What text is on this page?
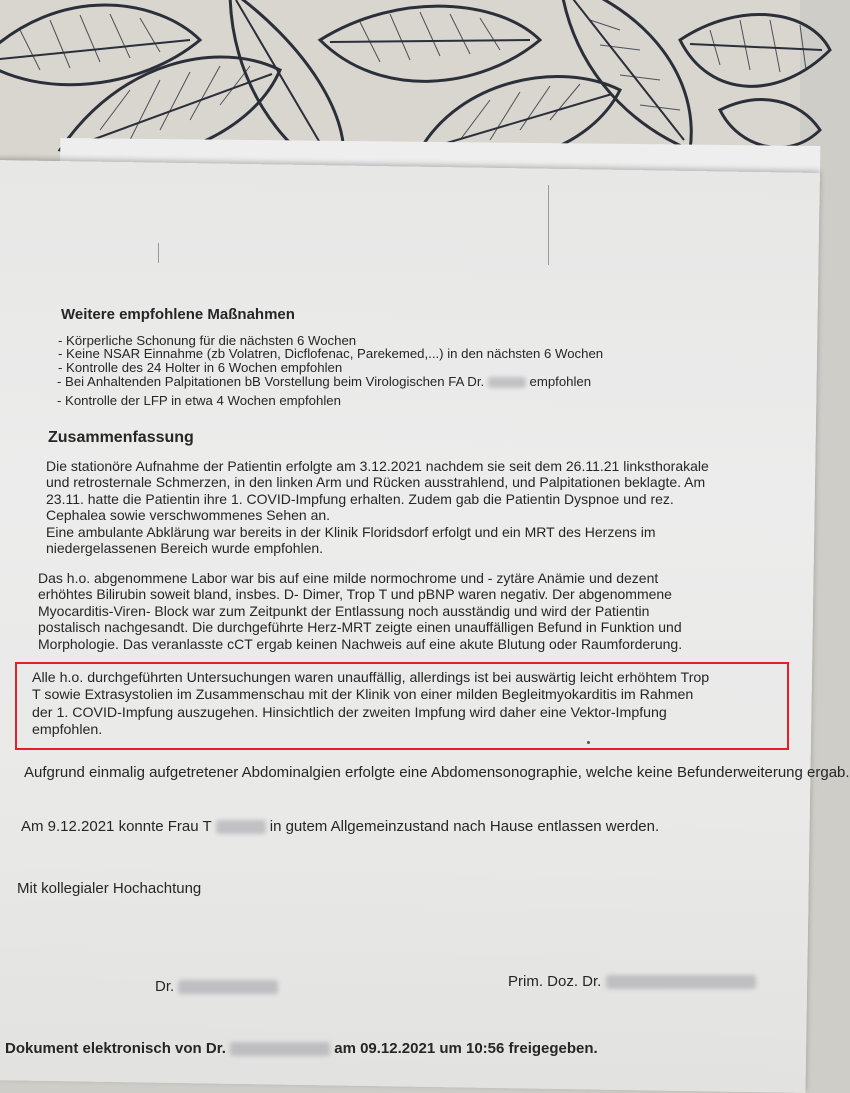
Weitere empfohlene Maßnahmen
- Körperliche Schonung für die nächsten 6 Wochen
- Keine NSAR Einnahme (zb Volatren, Dicflofenac, Parekemed,...) in den nächsten 6 Wochen
- Kontrolle des 24 Holter in 6 Wochen empfohlen
- Bei Anhaltenden Palpitationen bB Vorstellung beim Virologischen FA Dr.	empfohlen
- Kontrolle der LFP in etwa 4 Wochen empfohlen
Zusammenfassung
Die stationöre Aufnahme der Patientin erfolgte am 3.12.2021 nachdem sie seit dem 26.11.21 linksthorakale
und retrosternale Schmerzen, in den linken Arm und Rücken ausstrahlend, und Palpitationen beklagte. Am
23.11. hatte die Patientin ihre 1. COVID-Impfung erhalten. Zudem gab die Patientin Dyspnoe und rez.
Cephalea sowie verschwommenes Sehen an.
Eine ambulante Abklärung war bereits in der Klinik Floridsdorf erfolgt und ein MRT des Herzens im
niedergelassenen Bereich wurde empfohlen.
Das h.o. abgenommene Labor war bis auf eine milde normochrome und - zytäre Anämie und dezent
erhöhtes Bilirubin soweit bland, insbes. D- Dimer, Trop T und pBNP waren negativ. Der abgenommene
Myocarditis-Viren- Block war zum Zeitpunkt der Entlassung noch ausständig und wird der Patientin
postalisch nachgesandt. Die durchgeführte Herz-MRT zeigte einen unauffälligen Befund in Funktion und
Morphologie. Das veranlasste cCT ergab keinen Nachweis auf eine akute Blutung oder Raumforderung.
Alle h.o. durchgeführten Untersuchungen waren unauffällig, allerdings ist bei auswärtig leicht erhöhtem Trop
T sowie Extrasystolien im Zusammenschau mit der Klinik von einer milden Begleitmyokarditis im Rahmen
der 1. COVID-Impfung auszugehen. Hinsichtlich der zweiten Impfung wird daher eine Vektor-Impfung
empfohlen.
Aufgrund einmalig aufgetretener Abdominalgien erfolgte eine Abdomensonographie, welche keine Befunderweiterung ergab.
Am 9.12.2021 konnte Frau T	in gutem Allgemeinzustand nach Hause entlassen werden.
Mit kollegialer Hochachtung
Dr.	Prim. Doz. Dr.
Dokument elektronisch von Dr.	am 09.12.2021 um 10:56 freigegeben.
